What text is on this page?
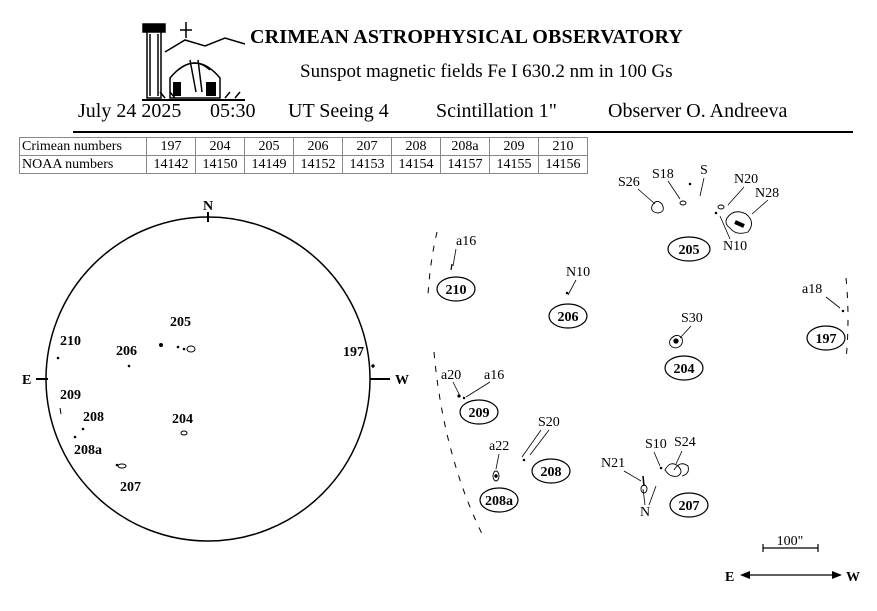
CRIMEAN ASTROPHYSICAL OBSERVATORY
Sunspot magnetic fields Fe I 630.2 nm in 100 Gs
July 24 2025 05:30 UT Seeing 4 Scintillation 1"	Observer O. Andreeva
Crimean numbers	197	204	205	206	207	208	208a	209	210
NOAA numbers	14142	14150	14149	14152	14153	14154	14157	14155	14156
N
E	W
205
206	197
210
209
208
208a
204
207
205
210
206
204
197
209
208
208a	207
S26
S18 S
N20
N28
N10
a16
N10
S30
a18
a20 a16
S20
a22	S10 S24
N21
N
100"
E	W
